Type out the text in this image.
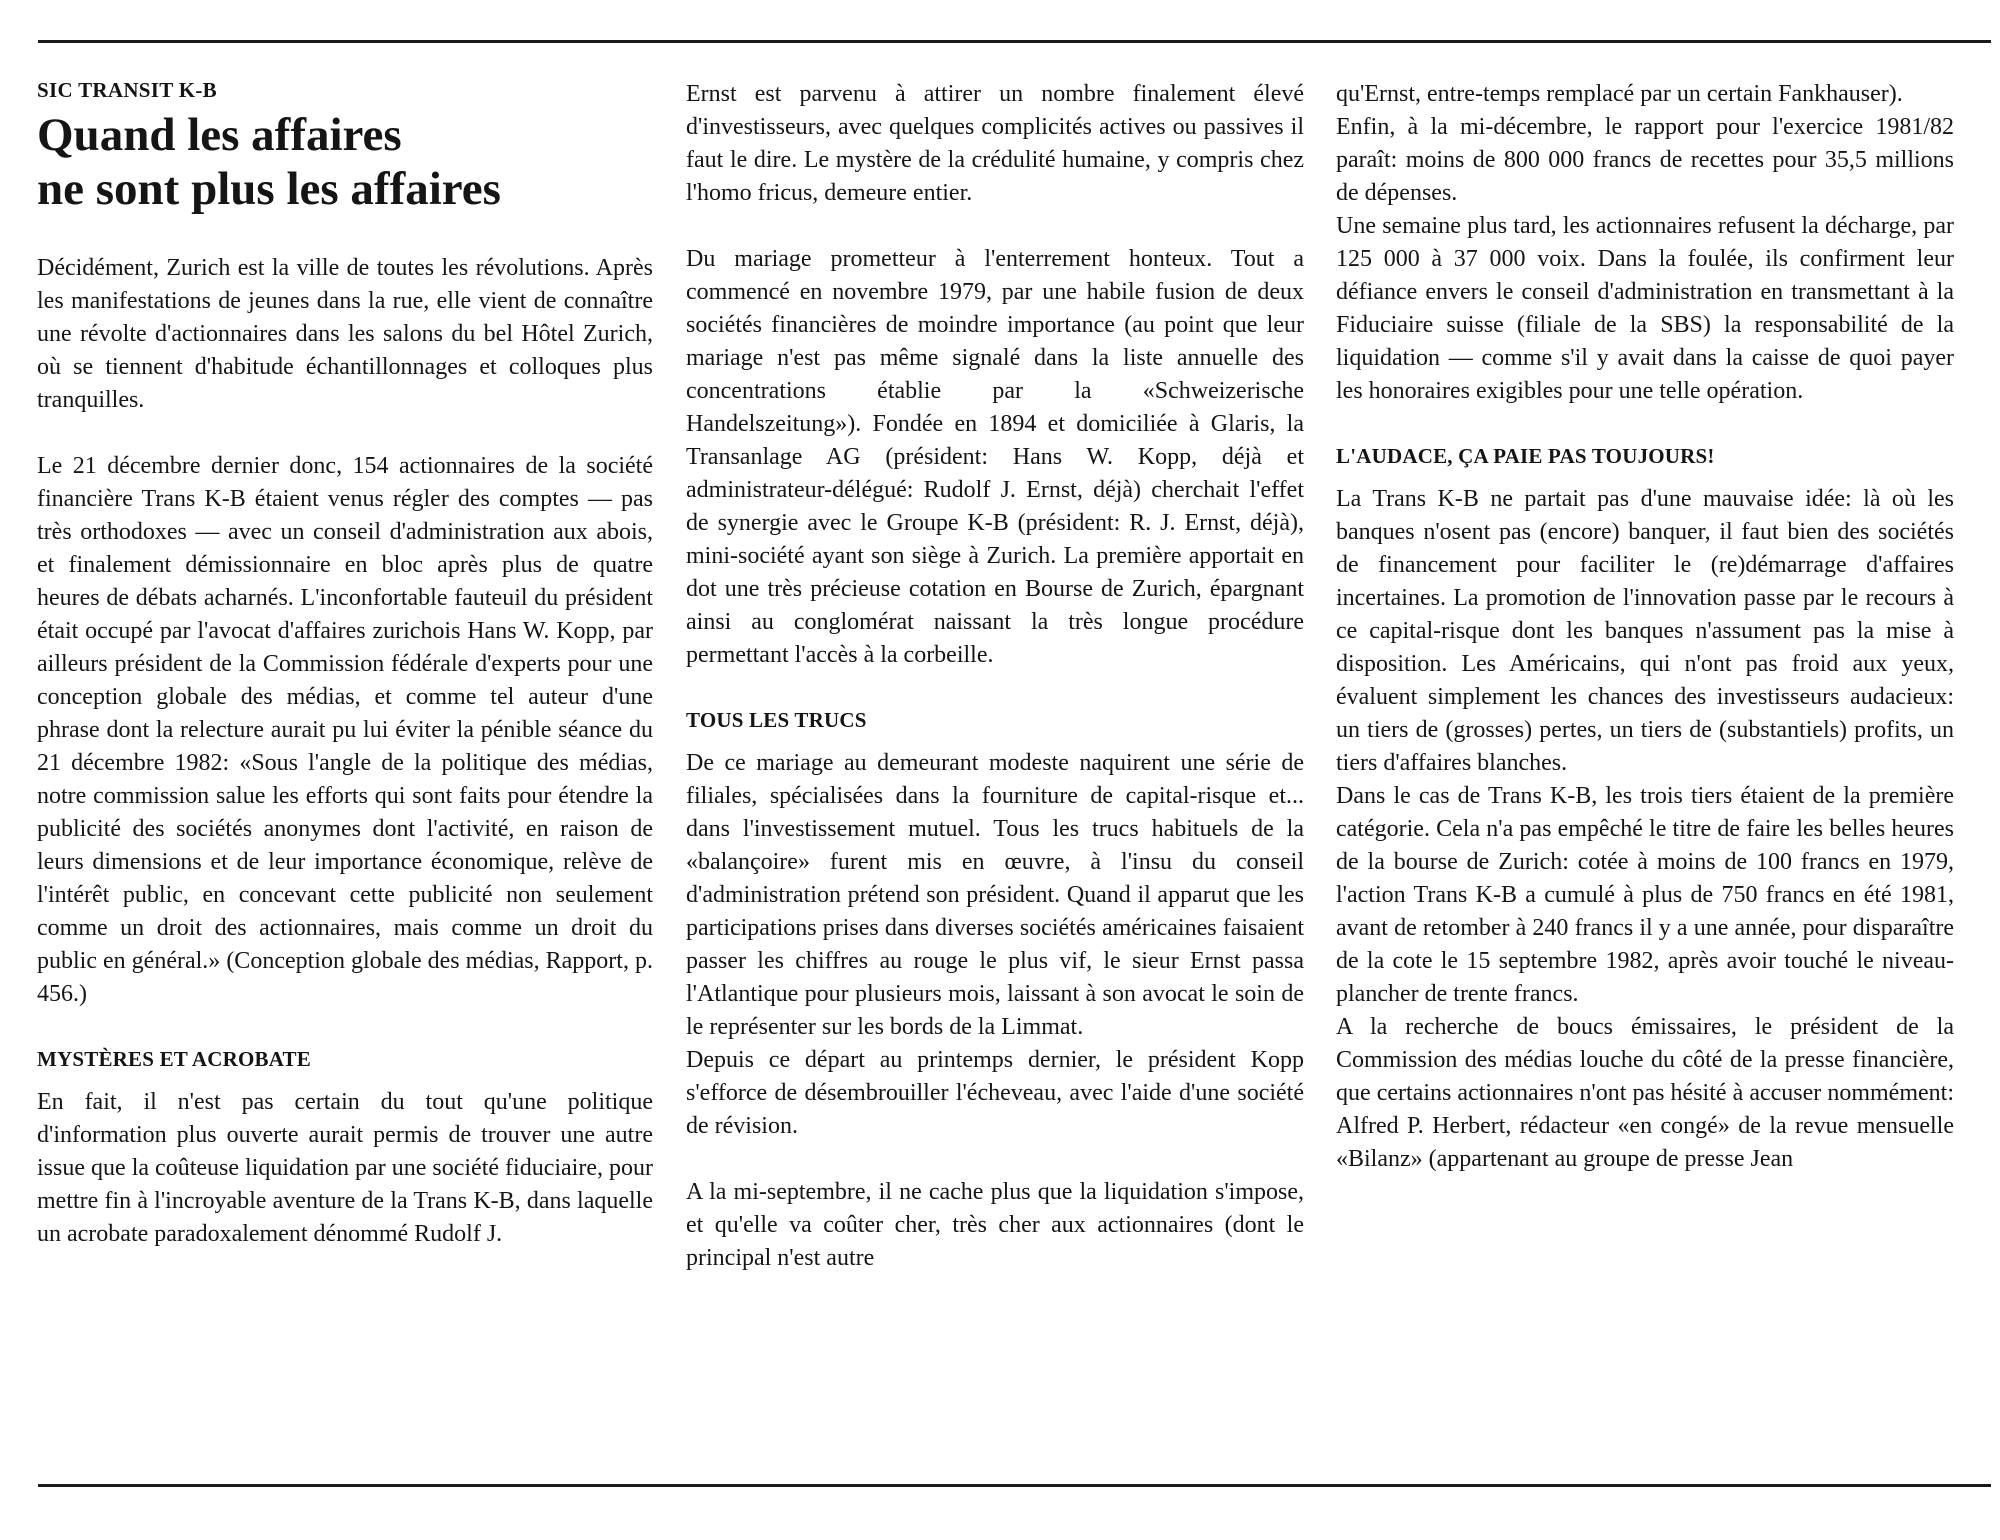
SIC TRANSIT K-B
Quand les affaires
ne sont plus les affaires

Décidément, Zurich est la ville de toutes les révolutions. Après les manifestations de jeunes dans la rue, elle vient de connaître une révolte d'actionnaires dans les salons du bel Hôtel Zurich, où se tiennent d'habitude échantillonnages et colloques plus tranquilles.

Le 21 décembre dernier donc, 154 actionnaires de la société financière Trans K-B étaient venus régler des comptes — pas très orthodoxes — avec un conseil d'administration aux abois, et finalement démissionnaire en bloc après plus de quatre heures de débats acharnés. L'inconfortable fauteuil du président était occupé par l'avocat d'affaires zurichois Hans W. Kopp, par ailleurs président de la Commission fédérale d'experts pour une conception globale des médias, et comme tel auteur d'une phrase dont la relecture aurait pu lui éviter la pénible séance du 21 décembre 1982: «Sous l'angle de la politique des médias, notre commission salue les efforts qui sont faits pour étendre la publicité des sociétés anonymes dont l'activité, en raison de leurs dimensions et de leur importance économique, relève de l'intérêt public, en concevant cette publicité non seulement comme un droit des actionnaires, mais comme un droit du public en général.» (Conception globale des médias, Rapport, p. 456.)

MYSTÈRES ET ACROBATE

En fait, il n'est pas certain du tout qu'une politique d'information plus ouverte aurait permis de trouver une autre issue que la coûteuse liquidation par une société fiduciaire, pour mettre fin à l'incroyable aventure de la Trans K-B, dans laquelle un acrobate paradoxalement dénommé Rudolf J.

Ernst est parvenu à attirer un nombre finalement élevé d'investisseurs, avec quelques complicités actives ou passives il faut le dire. Le mystère de la crédulité humaine, y compris chez l'homo fricus, demeure entier.

Du mariage prometteur à l'enterrement honteux. Tout a commencé en novembre 1979, par une habile fusion de deux sociétés financières de moindre importance (au point que leur mariage n'est pas même signalé dans la liste annuelle des concentrations établie par la «Schweizerische Handelszeitung»). Fondée en 1894 et domiciliée à Glaris, la Transanlage AG (président: Hans W. Kopp, déjà et administrateur-délégué: Rudolf J. Ernst, déjà) cherchait l'effet de synergie avec le Groupe K-B (président: R. J. Ernst, déjà), mini-société ayant son siège à Zurich. La première apportait en dot une très précieuse cotation en Bourse de Zurich, épargnant ainsi au conglomérat naissant la très longue procédure permettant l'accès à la corbeille.

TOUS LES TRUCS

De ce mariage au demeurant modeste naquirent une série de filiales, spécialisées dans la fourniture de capital-risque et... dans l'investissement mutuel. Tous les trucs habituels de la «balançoire» furent mis en œuvre, à l'insu du conseil d'administration prétend son président. Quand il apparut que les participations prises dans diverses sociétés américaines faisaient passer les chiffres au rouge le plus vif, le sieur Ernst passa l'Atlantique pour plusieurs mois, laissant à son avocat le soin de le représenter sur les bords de la Limmat.

Depuis ce départ au printemps dernier, le président Kopp s'efforce de désembrouiller l'écheveau, avec l'aide d'une société de révision.

A la mi-septembre, il ne cache plus que la liquidation s'impose, et qu'elle va coûter cher, très cher aux actionnaires (dont le principal n'est autre

qu'Ernst, entre-temps remplacé par un certain Fankhauser).

Enfin, à la mi-décembre, le rapport pour l'exercice 1981/82 paraît: moins de 800 000 francs de recettes pour 35,5 millions de dépenses.

Une semaine plus tard, les actionnaires refusent la décharge, par 125 000 à 37 000 voix. Dans la foulée, ils confirment leur défiance envers le conseil d'administration en transmettant à la Fiduciaire suisse (filiale de la SBS) la responsabilité de la liquidation — comme s'il y avait dans la caisse de quoi payer les honoraires exigibles pour une telle opération.

L'AUDACE, ÇA PAIE PAS TOUJOURS!

La Trans K-B ne partait pas d'une mauvaise idée: là où les banques n'osent pas (encore) banquer, il faut bien des sociétés de financement pour faciliter le (re)démarrage d'affaires incertaines. La promotion de l'innovation passe par le recours à ce capital-risque dont les banques n'assument pas la mise à disposition. Les Américains, qui n'ont pas froid aux yeux, évaluent simplement les chances des investisseurs audacieux: un tiers de (grosses) pertes, un tiers de (substantiels) profits, un tiers d'affaires blanches.

Dans le cas de Trans K-B, les trois tiers étaient de la première catégorie. Cela n'a pas empêché le titre de faire les belles heures de la bourse de Zurich: cotée à moins de 100 francs en 1979, l'action Trans K-B a cumulé à plus de 750 francs en été 1981, avant de retomber à 240 francs il y a une année, pour disparaître de la cote le 15 septembre 1982, après avoir touché le niveau-plancher de trente francs.

A la recherche de boucs émissaires, le président de la Commission des médias louche du côté de la presse financière, que certains actionnaires n'ont pas hésité à accuser nommément: Alfred P. Herbert, rédacteur «en congé» de la revue mensuelle «Bilanz» (appartenant au groupe de presse Jean
